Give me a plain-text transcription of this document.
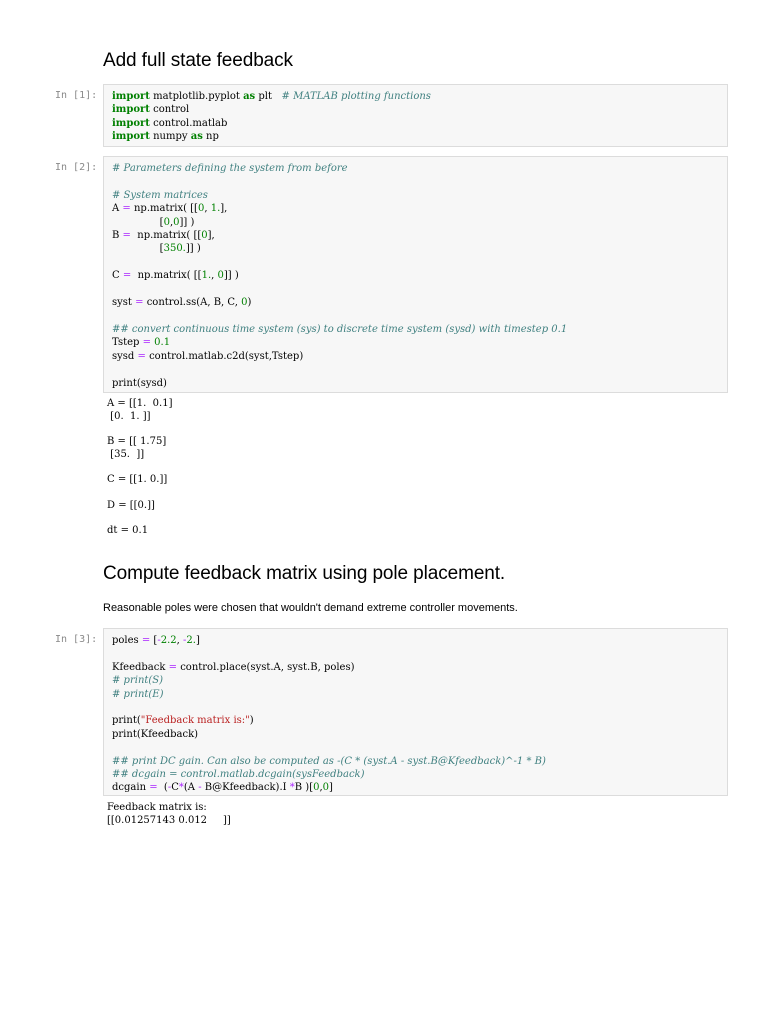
Add full state feedback
In [1]: import matplotlib.pyplot as plt   # MATLAB plotting functions
import control
import control.matlab
import numpy as np
In [2]: # Parameters defining the system from before

# System matrices
A = np.matrix( [[0, 1.],
[0,0]] )
B =  np.matrix( [[0],
[350.]] )

C =  np.matrix( [[1., 0]] )

syst = control.ss(A, B, C, 0)

## convert continuous time system (sys) to discrete time system (sysd) with timestep 0.1
Tstep = 0.1
sysd = control.matlab.c2d(syst,Tstep)

print(sysd)
A = [[1.  0.1]
[0.  1. ]]

B = [[ 1.75]
[35.  ]]

C = [[1. 0.]]

D = [[0.]]

dt = 0.1
Compute feedback matrix using pole placement.

Reasonable poles were chosen that wouldn't demand extreme controller movements.

In [3]: poles = [-2.2, -2.]

Kfeedback = control.place(syst.A, syst.B, poles)
# print(S)
# print(E)

print("Feedback matrix is:")
print(Kfeedback)

## print DC gain. Can also be computed as -(C * (syst.A - syst.B@Kfeedback)^-1 * B)
## dcgain = control.matlab.dcgain(sysFeedback)
dcgain =  (-C*(A - B@Kfeedback).I *B )[0,0]
Feedback matrix is:
[[0.01257143 0.012     ]]
